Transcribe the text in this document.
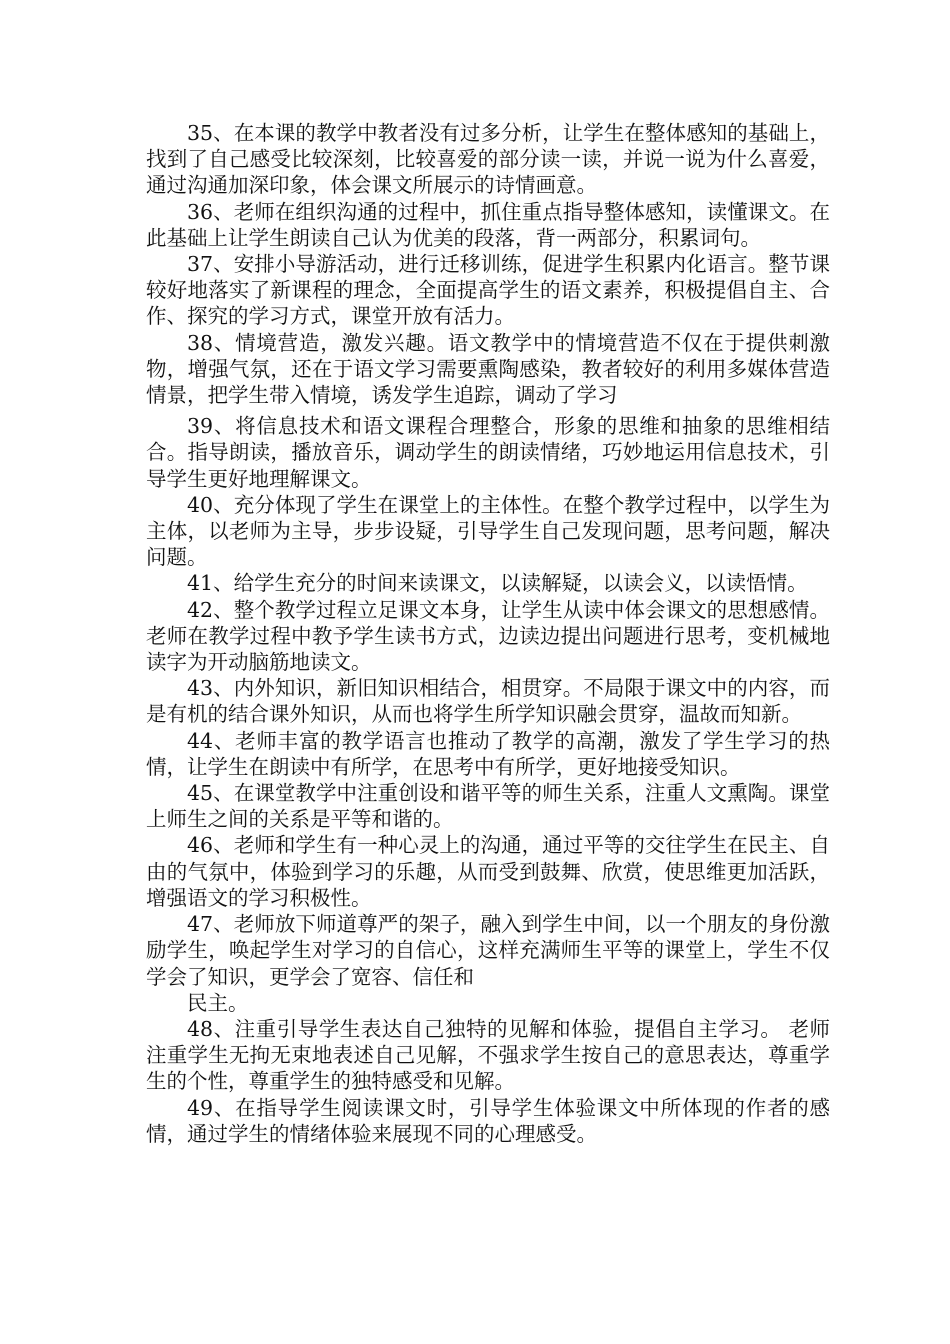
35、在本课的教学中教者没有过多分析，让学生在整体感知的基础上，找到了自己感受比较深刻，比较喜爱的部分读一读，并说一说为什么喜爱，通过沟通加深印象，体会课文所展示的诗情画意。

36、老师在组织沟通的过程中，抓住重点指导整体感知，读懂课文。在此基础上让学生朗读自己认为优美的段落，背一两部分，积累词句。

37、安排小导游活动，进行迁移训练，促进学生积累内化语言。整节课较好地落实了新课程的理念，全面提高学生的语文素养，积极提倡自主、合作、探究的学习方式，课堂开放有活力。

38、情境营造，激发兴趣。语文教学中的情境营造不仅在于提供刺激物，增强气氛，还在于语文学习需要熏陶感染，教者较好的利用多媒体营造情景，把学生带入情境，诱发学生追踪，调动了学习

39、将信息技术和语文课程合理整合，形象的思维和抽象的思维相结合。指导朗读，播放音乐，调动学生的朗读情绪，巧妙地运用信息技术，引导学生更好地理解课文。

40、充分体现了学生在课堂上的主体性。在整个教学过程中，以学生为主体，以老师为主导，步步设疑，引导学生自己发现问题，思考问题，解决问题。

41、给学生充分的时间来读课文，以读解疑，以读会义，以读悟情。

42、整个教学过程立足课文本身，让学生从读中体会课文的思想感情。老师在教学过程中教予学生读书方式，边读边提出问题进行思考，变机械地读字为开动脑筋地读文。

43、内外知识，新旧知识相结合，相贯穿。不局限于课文中的内容，而是有机的结合课外知识，从而也将学生所学知识融会贯穿，温故而知新。

44、老师丰富的教学语言也推动了教学的高潮，激发了学生学习的热情，让学生在朗读中有所学，在思考中有所学，更好地接受知识。

45、在课堂教学中注重创设和谐平等的师生关系，注重人文熏陶。课堂上师生之间的关系是平等和谐的。

46、老师和学生有一种心灵上的沟通，通过平等的交往学生在民主、自由的气氛中，体验到学习的乐趣，从而受到鼓舞、欣赏，使思维更加活跃，增强语文的学习积极性。

47、老师放下师道尊严的架子，融入到学生中间，以一个朋友的身份激励学生，唤起学生对学习的自信心，这样充满师生平等的课堂上，学生不仅学会了知识，更学会了宽容、信任和

民主。

48、注重引导学生表达自己独特的见解和体验，提倡自主学习。 老师注重学生无拘无束地表述自己见解，不强求学生按自己的意思表达，尊重学生的个性，尊重学生的独特感受和见解。

49、在指导学生阅读课文时，引导学生体验课文中所体现的作者的感情，通过学生的情绪体验来展现不同的心理感受。
